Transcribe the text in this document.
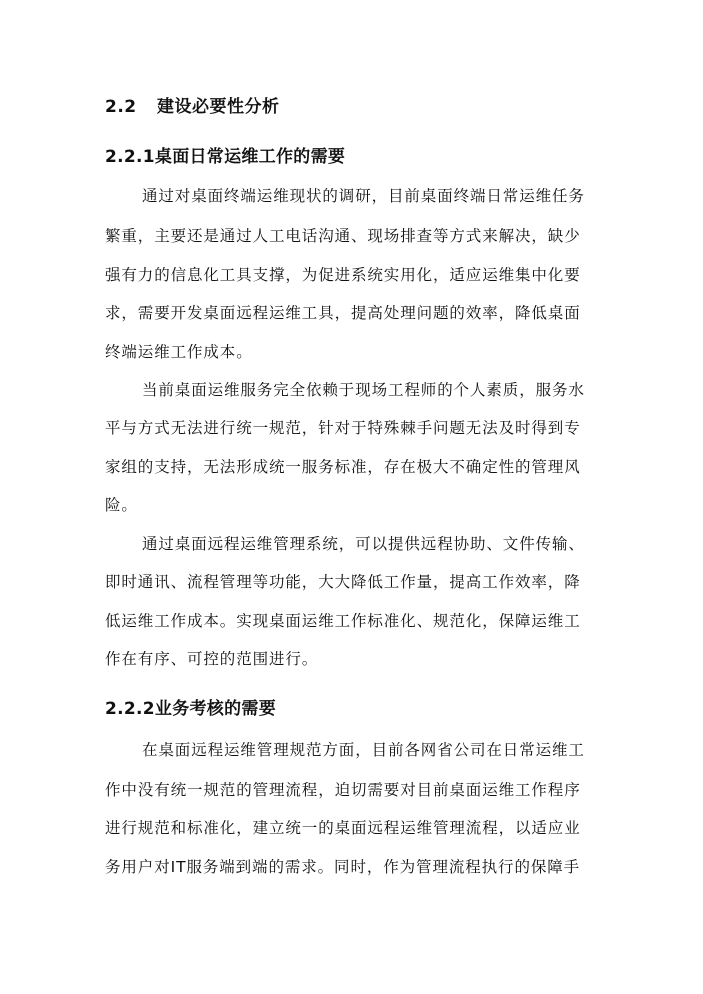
2.2 建设必要性分析
2.2.1桌面日常运维工作的需要
通过对桌面终端运维现状的调研，目前桌面终端日常运维任务
繁重，主要还是通过人工电话沟通、现场排查等方式来解决，缺少
强有力的信息化工具支撑，为促进系统实用化，适应运维集中化要
求，需要开发桌面远程运维工具，提高处理问题的效率，降低桌面
终端运维工作成本。
当前桌面运维服务完全依赖于现场工程师的个人素质，服务水
平与方式无法进行统一规范，针对于特殊棘手问题无法及时得到专
家组的支持，无法形成统一服务标准，存在极大不确定性的管理风
险。
通过桌面远程运维管理系统，可以提供远程协助、文件传输、
即时通讯、流程管理等功能，大大降低工作量，提高工作效率，降
低运维工作成本。实现桌面运维工作标准化、规范化，保障运维工
作在有序、可控的范围进行。
2.2.2业务考核的需要
在桌面远程运维管理规范方面，目前各网省公司在日常运维工
作中没有统一规范的管理流程，迫切需要对目前桌面运维工作程序
进行规范和标准化，建立统一的桌面远程运维管理流程，以适应业
务用户对IT服务端到端的需求。同时，作为管理流程执行的保障手
